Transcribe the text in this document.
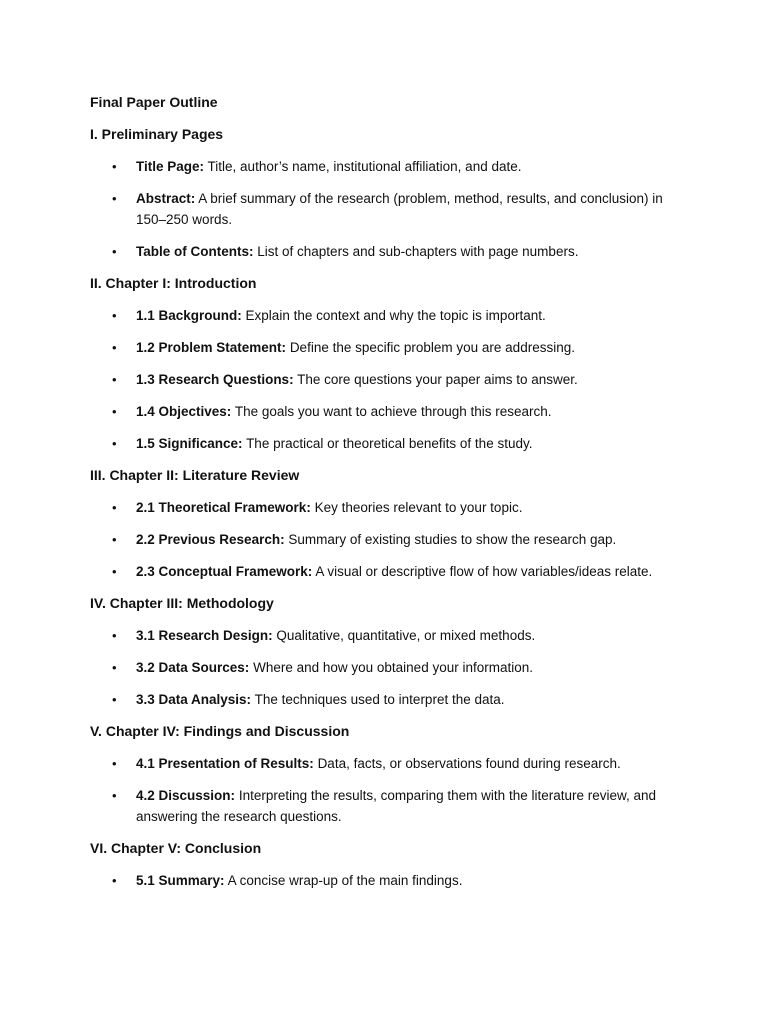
Final Paper Outline
I. Preliminary Pages
• Title Page: Title, author’s name, institutional affiliation, and date.
• Abstract: A brief summary of the research (problem, method, results, and conclusion) in 150–250 words.
• Table of Contents: List of chapters and sub-chapters with page numbers.
II. Chapter I: Introduction
• 1.1 Background: Explain the context and why the topic is important.
• 1.2 Problem Statement: Define the specific problem you are addressing.
• 1.3 Research Questions: The core questions your paper aims to answer.
• 1.4 Objectives: The goals you want to achieve through this research.
• 1.5 Significance: The practical or theoretical benefits of the study.
III. Chapter II: Literature Review
• 2.1 Theoretical Framework: Key theories relevant to your topic.
• 2.2 Previous Research: Summary of existing studies to show the research gap.
• 2.3 Conceptual Framework: A visual or descriptive flow of how variables/ideas relate.
IV. Chapter III: Methodology
• 3.1 Research Design: Qualitative, quantitative, or mixed methods.
• 3.2 Data Sources: Where and how you obtained your information.
• 3.3 Data Analysis: The techniques used to interpret the data.
V. Chapter IV: Findings and Discussion
• 4.1 Presentation of Results: Data, facts, or observations found during research.
• 4.2 Discussion: Interpreting the results, comparing them with the literature review, and answering the research questions.
VI. Chapter V: Conclusion
• 5.1 Summary: A concise wrap-up of the main findings.
